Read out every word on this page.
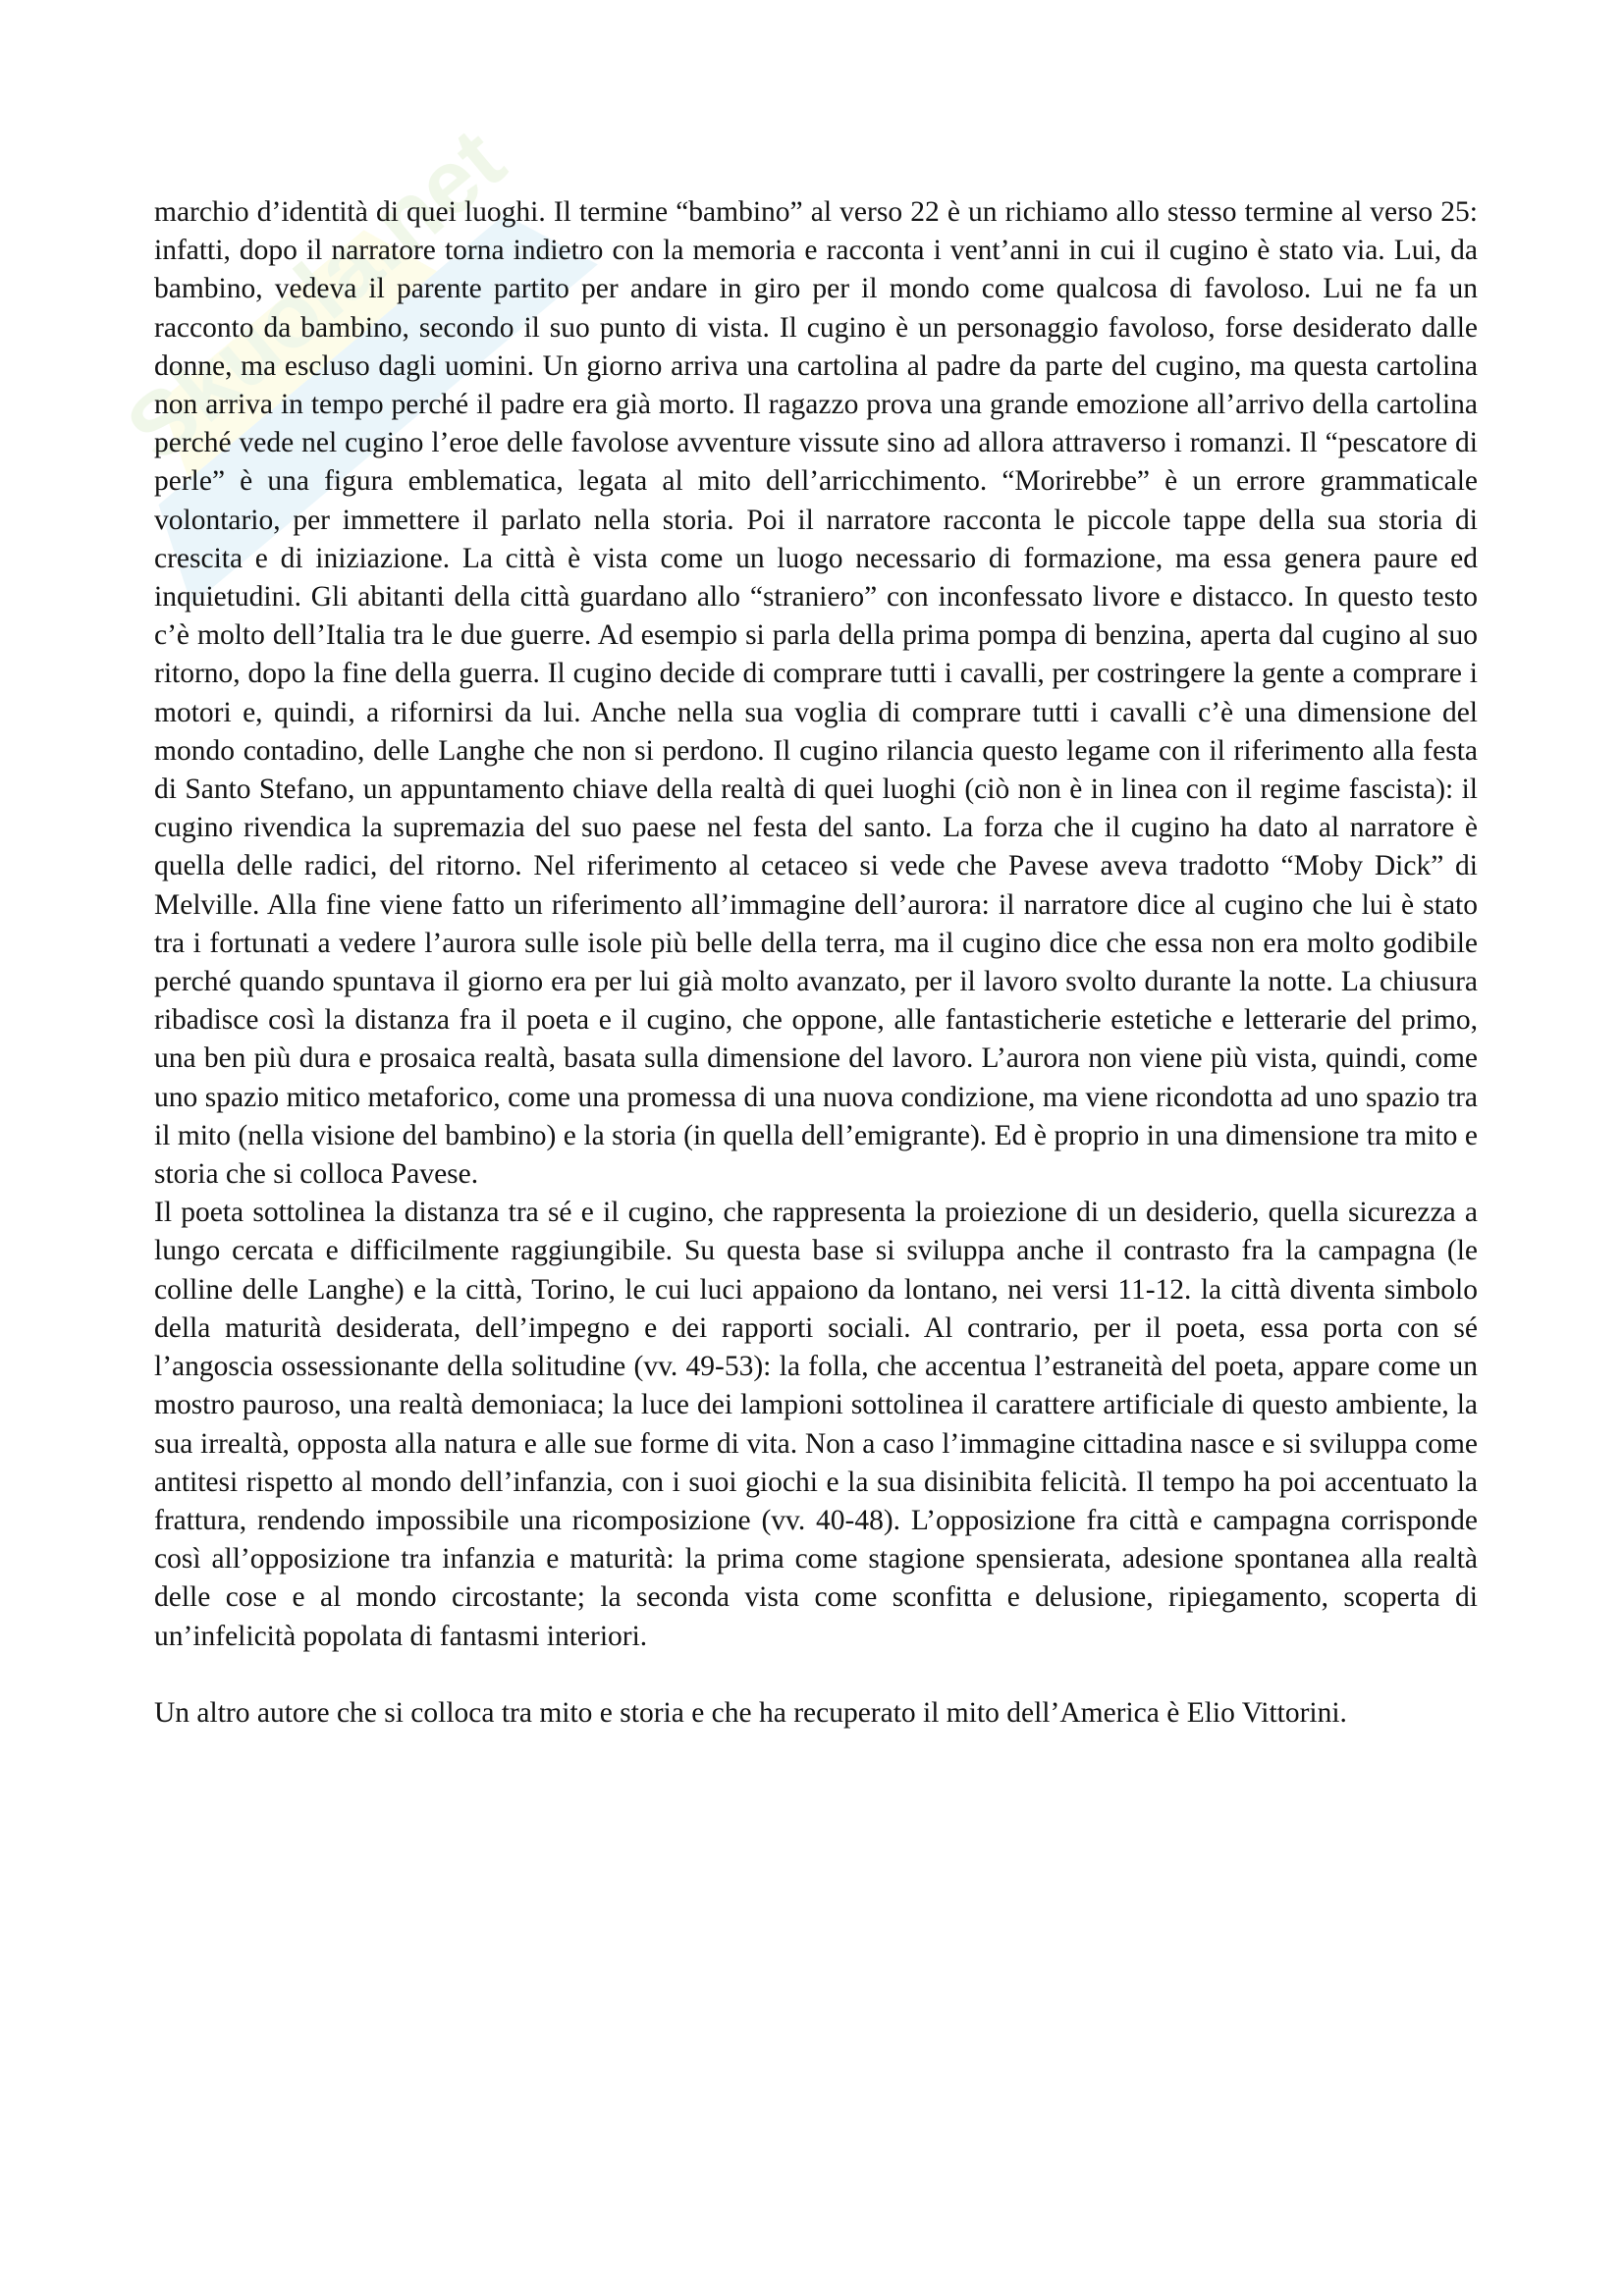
Skuola.net

marchio d’identità di quei luoghi. Il termine “bambino” al verso 22 è un richiamo allo stesso termine al verso 25: infatti, dopo il narratore torna indietro con la memoria e racconta i vent’anni in cui il cugino è stato via. Lui, da bambino, vedeva il parente partito per andare in giro per il mondo come qualcosa di favoloso. Lui ne fa un racconto da bambino, secondo il suo punto di vista. Il cugino è un personaggio favoloso, forse desiderato dalle donne, ma escluso dagli uomini. Un giorno arriva una cartolina al padre da parte del cugino, ma questa cartolina non arriva in tempo perché il padre era già morto. Il ragazzo prova una grande emozione all’arrivo della cartolina perché vede nel cugino l’eroe delle favolose avventure vissute sino ad allora attraverso i romanzi. Il “pescatore di perle” è una figura emblematica, legata al mito dell’arricchimento. “Morirebbe” è un errore grammaticale volontario, per immettere il parlato nella storia. Poi il narratore racconta le piccole tappe della sua storia di crescita e di iniziazione. La città è vista come un luogo necessario di formazione, ma essa genera paure ed inquietudini. Gli abitanti della città guardano allo “straniero” con inconfessato livore e distacco. In questo testo c’è molto dell’Italia tra le due guerre. Ad esempio si parla della prima pompa di benzina, aperta dal cugino al suo ritorno, dopo la fine della guerra. Il cugino decide di comprare tutti i cavalli, per costringere la gente a comprare i motori e, quindi, a rifornirsi da lui. Anche nella sua voglia di comprare tutti i cavalli c’è una dimensione del mondo contadino, delle Langhe che non si perdono. Il cugino rilancia questo legame con il riferimento alla festa di Santo Stefano, un appuntamento chiave della realtà di quei luoghi (ciò non è in linea con il regime fascista): il cugino rivendica la supremazia del suo paese nel festa del santo. La forza che il cugino ha dato al narratore è quella delle radici, del ritorno. Nel riferimento al cetaceo si vede che Pavese aveva tradotto “Moby Dick” di Melville. Alla fine viene fatto un riferimento all’immagine dell’aurora: il narratore dice al cugino che lui è stato tra i fortunati a vedere l’aurora sulle isole più belle della terra, ma il cugino dice che essa non era molto godibile perché quando spuntava il giorno era per lui già molto avanzato, per il lavoro svolto durante la notte. La chiusura ribadisce così la distanza fra il poeta e il cugino, che oppone, alle fantasticherie estetiche e letterarie del primo, una ben più dura e prosaica realtà, basata sulla dimensione del lavoro. L’aurora non viene più vista, quindi, come uno spazio mitico metaforico, come una promessa di una nuova condizione, ma viene ricondotta ad uno spazio tra il mito (nella visione del bambino) e la storia (in quella dell’emigrante). Ed è proprio in una dimensione tra mito e storia che si colloca Pavese.

Il poeta sottolinea la distanza tra sé e il cugino, che rappresenta la proiezione di un desiderio, quella sicurezza a lungo cercata e difficilmente raggiungibile. Su questa base si sviluppa anche il contrasto fra la campagna (le colline delle Langhe) e la città, Torino, le cui luci appaiono da lontano, nei versi 11-12. la città diventa simbolo della maturità desiderata, dell’impegno e dei rapporti sociali. Al contrario, per il poeta, essa porta con sé l’angoscia ossessionante della solitudine (vv. 49-53): la folla, che accentua l’estraneità del poeta, appare come un mostro pauroso, una realtà demoniaca; la luce dei lampioni sottolinea il carattere artificiale di questo ambiente, la sua irrealtà, opposta alla natura e alle sue forme di vita. Non a caso l’immagine cittadina nasce e si sviluppa come antitesi rispetto al mondo dell’infanzia, con i suoi giochi e la sua disinibita felicità. Il tempo ha poi accentuato la frattura, rendendo impossibile una ricomposizione (vv. 40-48). L’opposizione fra città e campagna corrisponde così all’opposizione tra infanzia e maturità: la prima come stagione spensierata, adesione spontanea alla realtà delle cose e al mondo circostante; la seconda vista come sconfitta e delusione, ripiegamento, scoperta di un’infelicità popolata di fantasmi interiori.

Un altro autore che si colloca tra mito e storia e che ha recuperato il mito dell’America è Elio Vittorini.
